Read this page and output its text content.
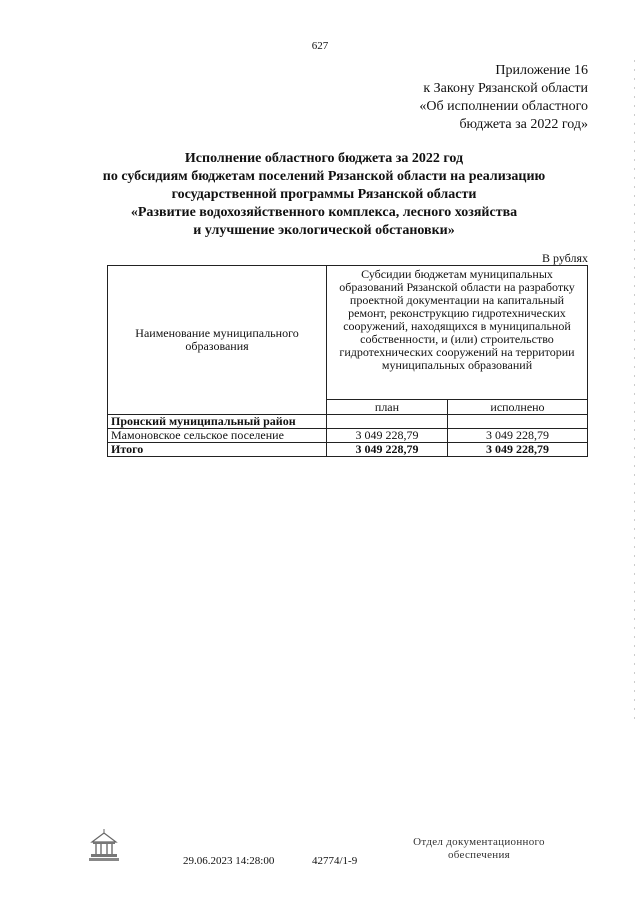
627
Приложение 16
к Закону Рязанской области
«Об исполнении областного
бюджета за 2022 год»
Исполнение областного бюджета за 2022 год
по субсидиям бюджетам поселений Рязанской области на реализацию
государственной программы Рязанской области
«Развитие водохозяйственного комплекса, лесного хозяйства
и улучшение экологической обстановки»
В рублях
Наименование муниципального образования	Субсидии бюджетам муниципальных образований Рязанской области на разработку проектной документации на капитальный ремонт, реконструкцию гидротехнических сооружений, находящихся в муниципальной собственности, и (или) строительство гидротехнических сооружений на территории муниципальных образований	
	план	исполнено
Пронский муниципальный район		
Мамоновское сельское поселение	3 049 228,79	3 049 228,79
Итого	3 049 228,79	3 049 228,79
29.06.2023 14:28:00	42774/1-9
Отдел документационного
обеспечения
